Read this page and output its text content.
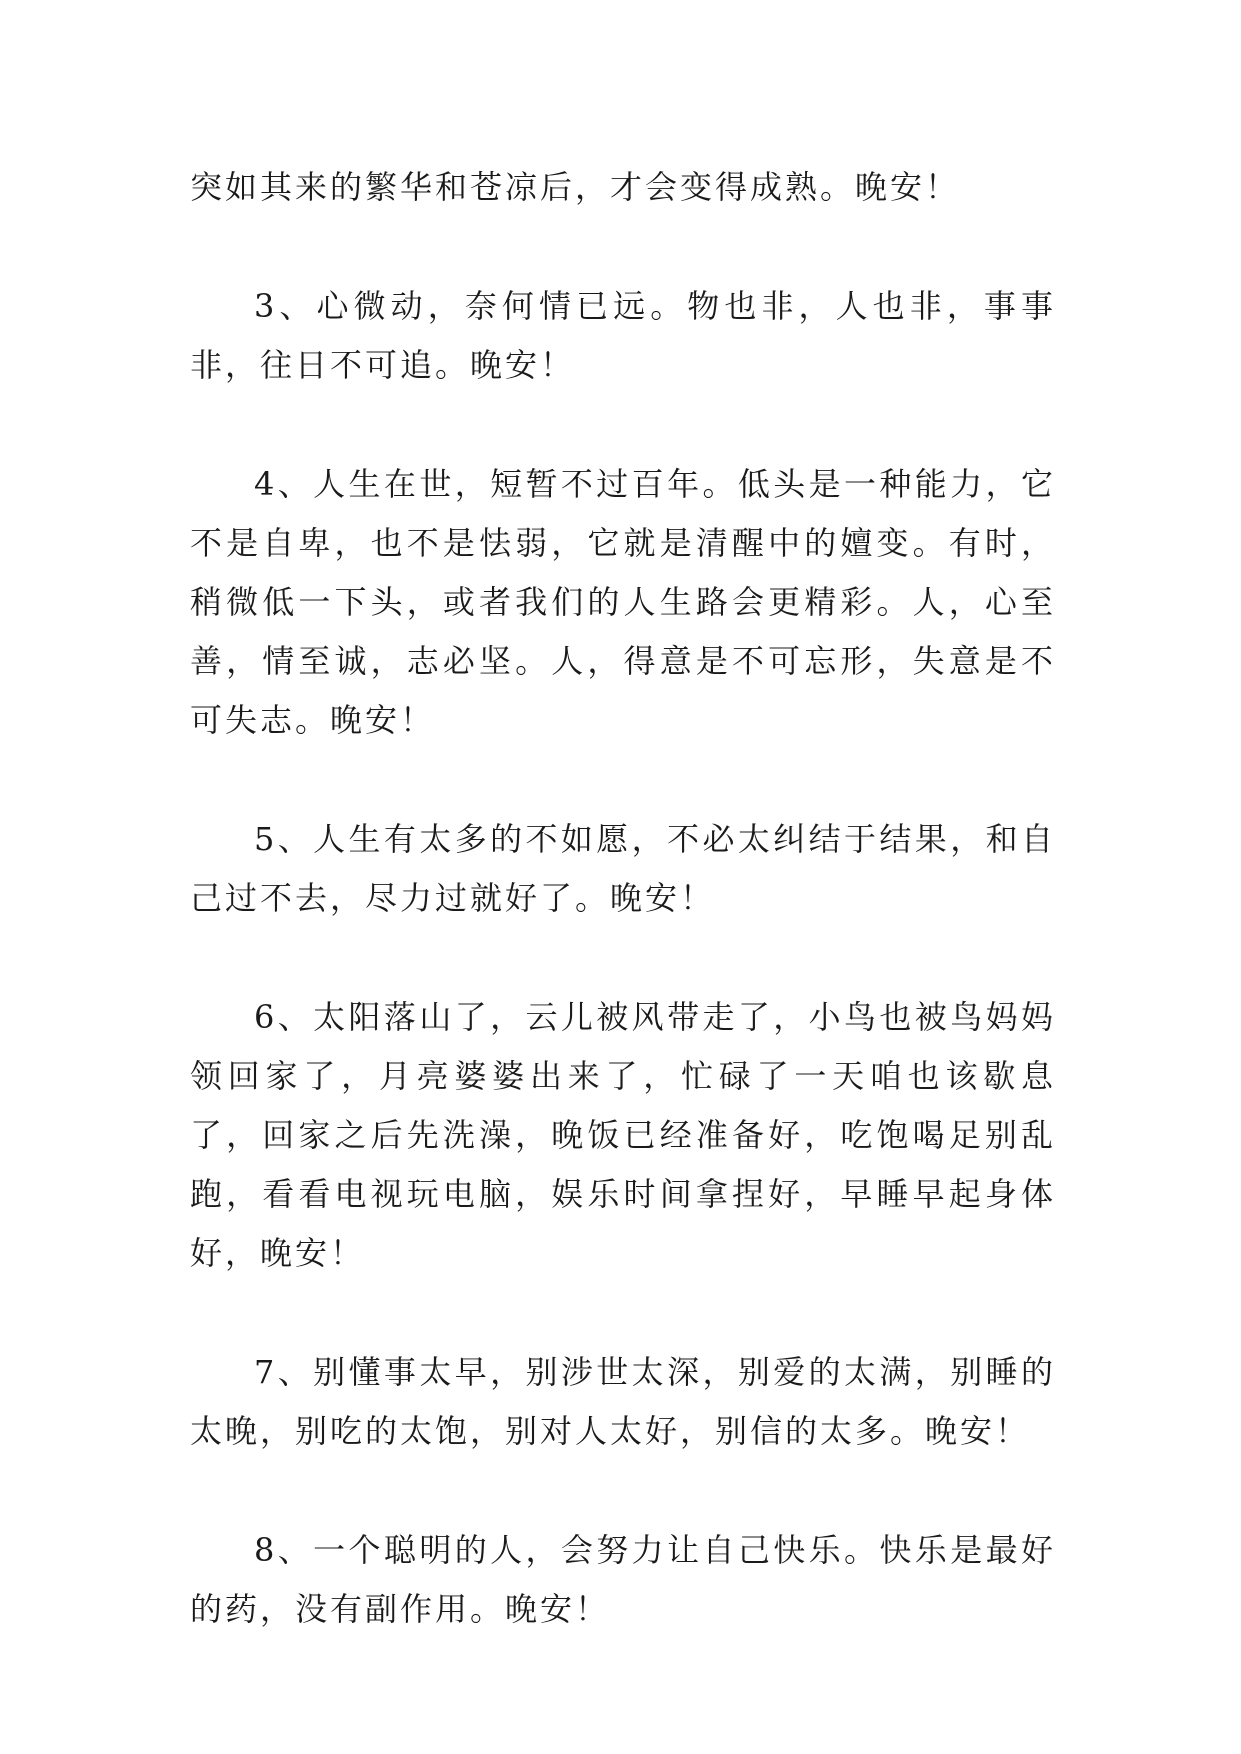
突如其来的繁华和苍凉后，才会变得成熟。晚安！

3、心微动，奈何情已远。物也非，人也非，事事非，往日不可追。晚安！

4、人生在世，短暂不过百年。低头是一种能力，它不是自卑，也不是怯弱，它就是清醒中的嬗变。有时，稍微低一下头，或者我们的人生路会更精彩。人，心至善，情至诚，志必坚。人，得意是不可忘形，失意是不可失志。晚安！

5、人生有太多的不如愿，不必太纠结于结果，和自己过不去，尽力过就好了。晚安！

6、太阳落山了，云儿被风带走了，小鸟也被鸟妈妈领回家了，月亮婆婆出来了，忙碌了一天咱也该歇息了，回家之后先洗澡，晚饭已经准备好，吃饱喝足别乱跑，看看电视玩电脑，娱乐时间拿捏好，早睡早起身体好，晚安！

7、别懂事太早，别涉世太深，别爱的太满，别睡的太晚，别吃的太饱，别对人太好，别信的太多。晚安！

8、一个聪明的人，会努力让自己快乐。快乐是最好的药，没有副作用。晚安！
